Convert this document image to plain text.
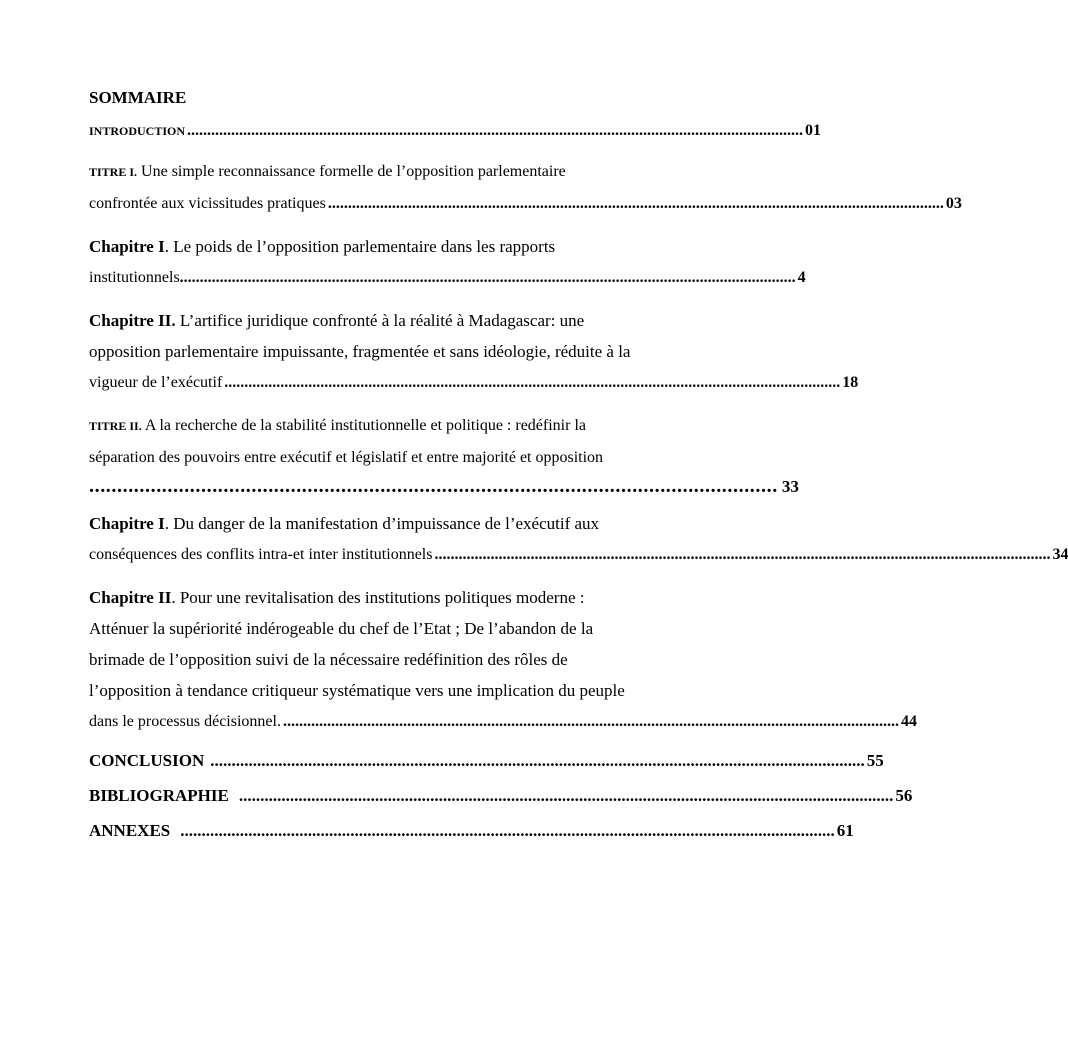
SOMMAIRE
INTRODUCTION .......................................................................................................................................................... 01
TITRE I. Une simple reconnaissance formelle de l’opposition parlementaire
confrontée aux vicissitudes pratiques .......................................................................................................................................................... 03
Chapitre I. Le poids de l’opposition parlementaire dans les rapports
institutionnels .......................................................................................................................................................... 4
Chapitre II. L’artifice juridique confronté à la réalité à Madagascar: une
opposition parlementaire impuissante, fragmentée et sans idéologie, réduite à la
vigueur de l’exécutif .......................................................................................................................................................... 18
TITRE II. A la recherche de la stabilité institutionnelle et politique : redéfinir la
séparation des pouvoirs entre exécutif et législatif et entre majorité et opposition
........................................................................................................................... 33
Chapitre I. Du danger de la manifestation d’impuissance de l’exécutif aux
conséquences des conflits intra-et inter institutionnels .......................................................................................................................................................... 34
Chapitre II. Pour une revitalisation des institutions politiques moderne :
Atténuer la supériorité indérogeable du chef de l’Etat ; De l’abandon de la
brimade de l’opposition suivi de la nécessaire redéfinition des rôles de
l’opposition à tendance critiqueur systématique vers une implication du peuple
dans le processus décisionnel. .......................................................................................................................................................... 44
CONCLUSION .......................................................................................................................................................... 55
BIBLIOGRAPHIE .......................................................................................................................................................... 56
ANNEXES .......................................................................................................................................................... 61
